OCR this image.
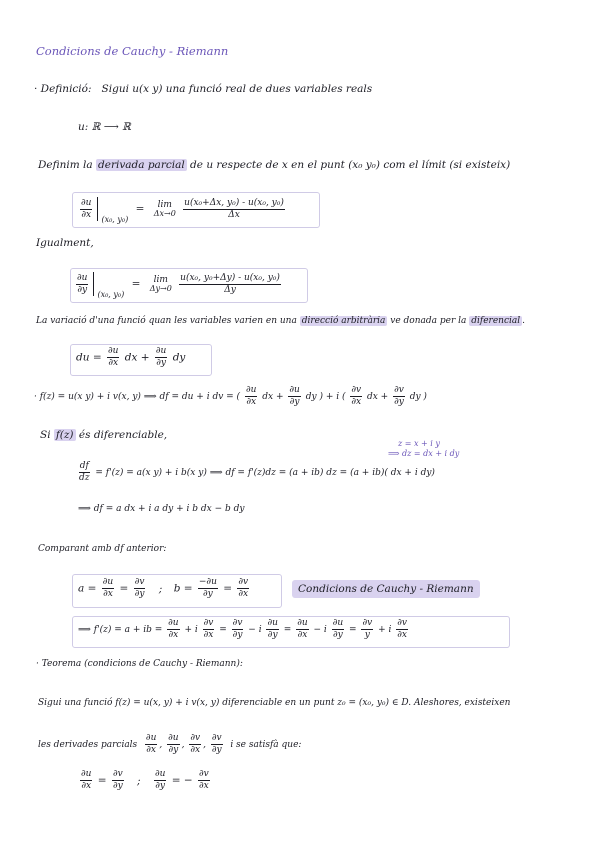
Condicions de Cauchy - Riemann
· Definició: Sigui u(x y) una funció real de dues variables reals
u: ℝ ⟶ ℝ
Definim la derivada parcial de u respecte de x en el punt (x₀ y₀) com el límit (si existeix)
$\frac{\partial u}{\partial x} _{(x_0, y_0)} = \lim$
Δx→0
$\frac{\text{u(x₀+Δx, y₀) - u(x₀, y₀)}}{\Delta x}$
Igualment,
$\frac{\partial u}{\partial y} _{(x_0, y_0)} = \lim$
Δy→0
$\frac{\text{u(x₀, y₀+Δy) - u(x₀, y₀)}}{\Delta y}$
La variació d'una funció quan les variables varien en una direcció arbitrària ve donada per la diferencial .
du = $\frac{\partial u}{\partial x}$ dx + $\frac{\partial u}{\partial y}$ dy
· f(z) = u(x y) + i v(x, y) ⟹ df = du + i dv = ( $\frac{\partial u}{\partial x}$ dx + $\frac{\partial u}{\partial y}$ dy ) + i ( $\frac{\partial v}{\partial x}$ dx + $\frac{\partial v}{\partial y}$ dy )
Si f(z) és diferenciable,
z = x + i y
⟹ dz = dx + i dy
$\frac{df}{dz} = f'(z) = a(x$ y) + i b(x y) ⟹ df = f'(z)dz = (a + ib) dz = (a + ib)( dx + i dy)
⟹ df = a dx + i a dy + i b dx − b dy
Comparant amb df anterior:
$a = \frac{\partial u}{\partial x} = \frac{\partial v}{\partial y}$ ; $b = \frac{-\partial u}{\partial y} = \frac{\partial v}{\partial x}$	Condicions de Cauchy - Riemann
⟹ f'(z) = a + ib = $\frac{\partial u}{\partial x} + i \frac{\partial v}{\partial x} = \frac{\partial v}{\partial y} - i \frac{\partial u}{\partial y} = \frac{\partial u}{\partial x} - i \frac{\partial u}{\partial y} = \frac{\partial v}{y} + i \frac{\partial v}{\partial x}$
· Teorema (condicions de Cauchy - Riemann):
Sigui una funció f(z) = u(x, y) + i v(x, y) diferenciable en un punt z₀ = (x₀, y₀) ∈ D. Aleshores, existeixen
les derivades parcials $\frac{\partial u}{\partial x}$ , $\frac{\partial u}{\partial y}$ , $\frac{\partial v}{\partial x}$ , $\frac{\partial v}{\partial y}$ i se satisfà que:
$\frac{\partial u}{\partial x} = \frac{\partial v}{\partial y}$ ; $\frac{\partial u}{\partial y}$ = − $\frac{\partial v}{\partial x}$
